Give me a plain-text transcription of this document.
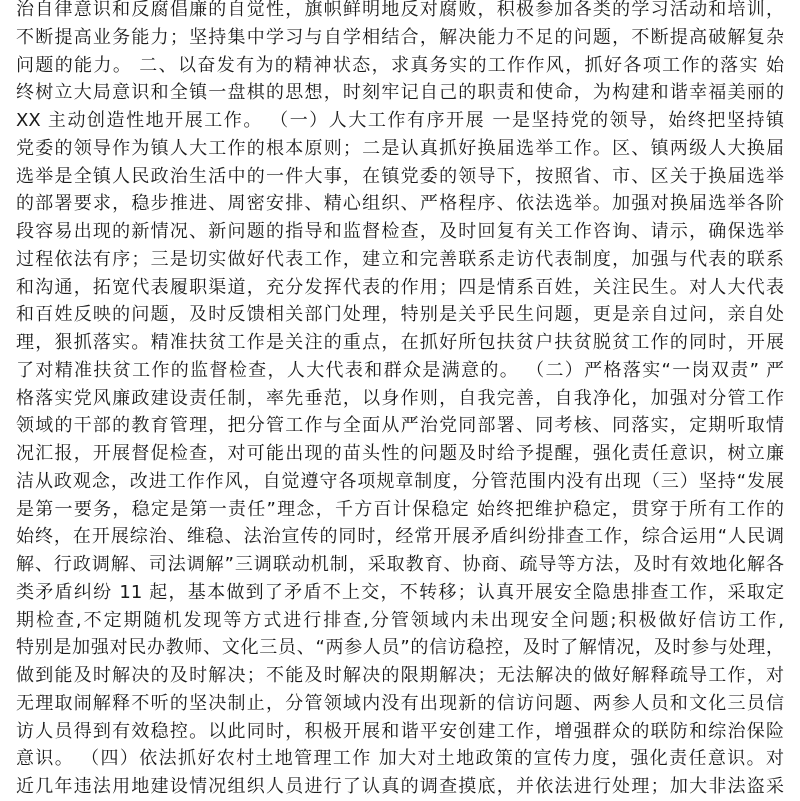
治自律意识和反腐倡廉的自觉性，旗帜鲜明地反对腐败，积极参加各类的学习活动和培训，
不断提高业务能力；坚持集中学习与自学相结合，解决能力不足的问题，不断提高破解复杂
问题的能力。 二、以奋发有为的精神状态，求真务实的工作作风，抓好各项工作的落实 始
终树立大局意识和全镇一盘棋的思想，时刻牢记自己的职责和使命，为构建和谐幸福美丽的
XX 主动创造性地开展工作。 （一）人大工作有序开展 一是坚持党的领导，始终把坚持镇
党委的领导作为镇人大工作的根本原则；二是认真抓好换届选举工作。区、镇两级人大换届
选举是全镇人民政治生活中的一件大事，在镇党委的领导下，按照省、市、区关于换届选举
的部署要求，稳步推进、周密安排、精心组织、严格程序、依法选举。加强对换届选举各阶
段容易出现的新情况、新问题的指导和监督检查，及时回复有关工作咨询、请示，确保选举
过程依法有序；三是切实做好代表工作，建立和完善联系走访代表制度，加强与代表的联系
和沟通，拓宽代表履职渠道，充分发挥代表的作用；四是情系百姓，关注民生。对人大代表
和百姓反映的问题，及时反馈相关部门处理，特别是关乎民生问题，更是亲自过问，亲自处
理，狠抓落实。精准扶贫工作是关注的重点，在抓好所包扶贫户扶贫脱贫工作的同时，开展
了对精准扶贫工作的监督检查，人大代表和群众是满意的。 （二）严格落实“一岗双责” 严
格落实党风廉政建设责任制，率先垂范，以身作则，自我完善，自我净化，加强对分管工作
领域的干部的教育管理，把分管工作与全面从严治党同部署、同考核、同落实，定期听取情
况汇报，开展督促检查，对可能出现的苗头性的问题及时给予提醒，强化责任意识，树立廉
洁从政观念，改进工作作风，自觉遵守各项规章制度，分管范围内没有出现（三）坚持“发展
是第一要务，稳定是第一责任”理念，千方百计保稳定 始终把维护稳定，贯穿于所有工作的
始终，在开展综治、维稳、法治宣传的同时，经常开展矛盾纠纷排查工作，综合运用“人民调
解、行政调解、司法调解”三调联动机制，采取教育、协商、疏导等方法，及时有效地化解各
类矛盾纠纷 11 起，基本做到了矛盾不上交，不转移；认真开展安全隐患排查工作，采取定
期检查,不定期随机发现等方式进行排查,分管领域内未出现安全问题;积极做好信访工作,
特别是加强对民办教师、文化三员、“两参人员”的信访稳控，及时了解情况，及时参与处理，
做到能及时解决的及时解决；不能及时解决的限期解决；无法解决的做好解释疏导工作，对
无理取闹解释不听的坚决制止，分管领域内没有出现新的信访问题、两参人员和文化三员信
访人员得到有效稳控。以此同时，积极开展和谐平安创建工作，增强群众的联防和综治保险
意识。 （四）依法抓好农村土地管理工作 加大对土地政策的宣传力度，强化责任意识。对
近几年违法用地建设情况组织人员进行了认真的调查摸底，并依法进行处理；加大非法盗采
